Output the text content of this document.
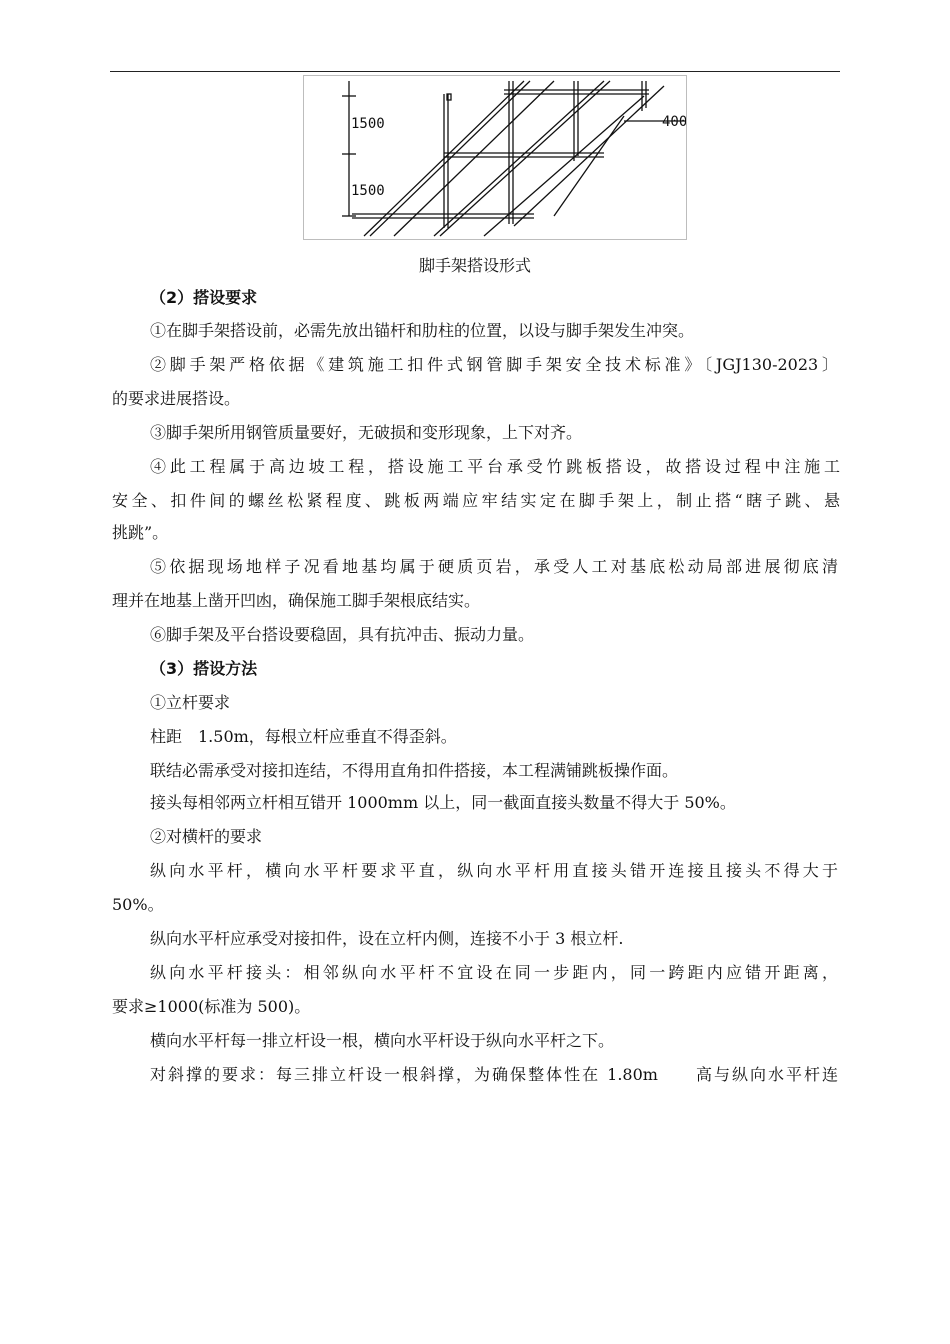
1500
1500
400
脚手架搭设形式
（2）搭设要求
①在脚手架搭设前，必需先放出锚杆和肋柱的位置，以设与脚手架发生冲突。
②脚手架严格依据《建筑施工扣件式钢管脚手架安全技术标准》〔JGJ130-2023〕
的要求进展搭设。
③脚手架所用钢管质量要好，无破损和变形现象，上下对齐。
④此工程属于高边坡工程，搭设施工平台承受竹跳板搭设，故搭设过程中注施工
安全、扣件间的螺丝松紧程度、跳板两端应牢结实定在脚手架上，制止搭“瞎子跳、悬
挑跳”。
⑤依据现场地样子况看地基均属于硬质页岩，承受人工对基底松动局部进展彻底清
理并在地基上凿开凹凼，确保施工脚手架根底结实。
⑥脚手架及平台搭设要稳固，具有抗冲击、振动力量。
（3）搭设方法
①立杆要求
柱距　1.50m，每根立杆应垂直不得歪斜。
联结必需承受对接扣连结，不得用直角扣件搭接，本工程满铺跳板操作面。
接头每相邻两立杆相互错开 1000mm 以上，同一截面直接头数量不得大于 50%。
②对横杆的要求
纵向水平杆，横向水平杆要求平直，纵向水平杆用直接头错开连接且接头不得大于
50%。
纵向水平杆应承受对接扣件，设在立杆内侧，连接不小于 3 根立杆.
纵向水平杆接头：相邻纵向水平杆不宜设在同一步距内，同一跨距内应错开距离，
要求≥1000(标准为 500)。
横向水平杆每一排立杆设一根，横向水平杆设于纵向水平杆之下。
对斜撑的要求：每三排立杆设一根斜撑，为确保整体性在 1.80m　　高与纵向水平杆连
